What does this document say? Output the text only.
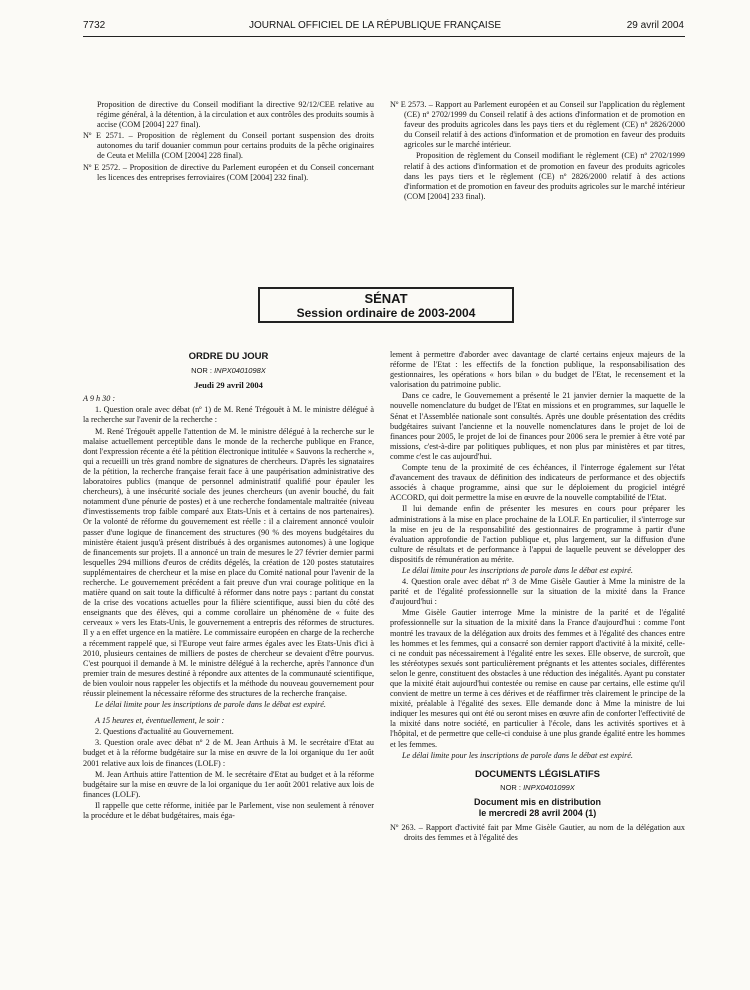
7732	JOURNAL OFFICIEL DE LA RÉPUBLIQUE FRANÇAISE	29 avril 2004

Proposition de directive du Conseil modifiant la directive 92/12/CEE relative au régime général, à la détention, à la circulation et aux contrôles des produits soumis à accise (COM [2004] 227 final).

Nº E 2571. – Proposition de règlement du Conseil portant suspension des droits autonomes du tarif douanier commun pour certains produits de la pêche originaires de Ceuta et Melilla (COM [2004] 228 final).

Nº E 2572. – Proposition de directive du Parlement européen et du Conseil concernant les licences des entreprises ferroviaires (COM [2004] 232 final).

Nº E 2573. – Rapport au Parlement européen et au Conseil sur l'application du règlement (CE) nº 2702/1999 du Conseil relatif à des actions d'information et de promotion en faveur des produits agricoles dans les pays tiers et du règlement (CE) nº 2826/2000 du Conseil relatif à des actions d'information et de promotion en faveur des produits agricoles sur le marché intérieur.

Proposition de règlement du Conseil modifiant le règlement (CE) nº 2702/1999 relatif à des actions d'information et de promotion en faveur des produits agricoles dans les pays tiers et le règlement (CE) nº 2826/2000 relatif à des actions d'information et de promotion en faveur des produits agricoles sur le marché intérieur (COM [2004] 233 final).

SÉNAT
Session ordinaire de 2003-2004
ORDRE DU JOUR
NOR : INPX0401098X
Jeudi 29 avril 2004

A 9 h 30 :

1. Question orale avec débat (nº 1) de M. René Trégouët à M. le ministre délégué à la recherche sur l'avenir de la recherche :

M. René Trégouët appelle l'attention de M. le ministre délégué à la recherche sur le malaise actuellement perceptible dans le monde de la recherche publique en France, dont l'expression récente a été la pétition électronique intitulée « Sauvons la recherche », qui a recueilli un très grand nombre de signatures de chercheurs. D'après les signataires de la pétition, la recherche française ferait face à une paupérisation administrative des laboratoires publics (manque de personnel administratif qualifié pour épauler les chercheurs), à une insécurité sociale des jeunes chercheurs (un avenir bouché, du fait notamment d'une pénurie de postes) et à une recherche fondamentale maltraitée (niveau d'investissements trop faible comparé aux Etats-Unis et à certains de nos partenaires). Or la volonté de réforme du gouvernement est réelle : il a clairement annoncé vouloir passer d'une logique de financement des structures (90 % des moyens budgétaires du ministère étaient jusqu'à présent distribués à des organismes autonomes) à une logique de financements sur projets. Il a annoncé un train de mesures le 27 février dernier parmi lesquelles 294 millions d'euros de crédits dégelés, la création de 120 postes statutaires supplémentaires de chercheur et la mise en place du Comité national pour l'avenir de la recherche. Le gouvernement précédent a fait preuve d'un vrai courage politique en la matière quand on sait toute la difficulté à réformer dans notre pays : partant du constat de la crise des vocations actuelles pour la filière scientifique, aussi bien du côté des enseignants que des élèves, qui a comme corollaire un phénomène de « fuite des cerveaux » vers les Etats-Unis, le gouvernement a entrepris des réformes de structures. Il y a en effet urgence en la matière. Le commissaire européen en charge de la recherche a récemment rappelé que, si l'Europe veut faire armes égales avec les Etats-Unis d'ici à 2010, plusieurs centaines de milliers de postes de chercheur se devaient d'être pourvus. C'est pourquoi il demande à M. le ministre délégué à la recherche, après l'annonce d'un premier train de mesures destiné à répondre aux attentes de la communauté scientifique, de bien vouloir nous rappeler les objectifs et la méthode du nouveau gouvernement pour réussir pleinement la nécessaire réforme des structures de la recherche française.

Le délai limite pour les inscriptions de parole dans le débat est expiré.

A 15 heures et, éventuellement, le soir :

2. Questions d'actualité au Gouvernement.

3. Question orale avec débat nº 2 de M. Jean Arthuis à M. le secrétaire d'Etat au budget et à la réforme budgétaire sur la mise en œuvre de la loi organique du 1er août 2001 relative aux lois de finances (LOLF) :

M. Jean Arthuis attire l'attention de M. le secrétaire d'Etat au budget et à la réforme budgétaire sur la mise en œuvre de la loi organique du 1er août 2001 relative aux lois de finances (LOLF).

Il rappelle que cette réforme, initiée par le Parlement, vise non seulement à rénover la procédure et le débat budgétaires, mais éga-

lement à permettre d'aborder avec davantage de clarté certains enjeux majeurs de la réforme de l'Etat : les effectifs de la fonction publique, la responsabilisation des gestionnaires, les opérations « hors bilan » du budget de l'Etat, le recensement et la valorisation du patrimoine public.

Dans ce cadre, le Gouvernement a présenté le 21 janvier dernier la maquette de la nouvelle nomenclature du budget de l'Etat en missions et en programmes, sur laquelle le Sénat et l'Assemblée nationale sont consultés. Après une double présentation des crédits budgétaires suivant l'ancienne et la nouvelle nomenclatures dans le projet de loi de finances pour 2005, le projet de loi de finances pour 2006 sera le premier à être voté par missions, c'est-à-dire par politiques publiques, et non plus par ministères et par titres, comme c'est le cas aujourd'hui.

Compte tenu de la proximité de ces échéances, il l'interroge également sur l'état d'avancement des travaux de définition des indicateurs de performance et des objectifs associés à chaque programme, ainsi que sur le déploiement du progiciel intégré ACCORD, qui doit permettre la mise en œuvre de la nouvelle comptabilité de l'Etat.

Il lui demande enfin de présenter les mesures en cours pour préparer les administrations à la mise en place prochaine de la LOLF. En particulier, il s'interroge sur la mise en jeu de la responsabilité des gestionnaires de programme à partir d'une évaluation approfondie de l'action publique et, plus largement, sur la diffusion d'une culture de résultats et de performance à l'appui de laquelle peuvent se développer des dispositifs de rémunération au mérite.

Le délai limite pour les inscriptions de parole dans le débat est expiré.

4. Question orale avec débat nº 3 de Mme Gisèle Gautier à Mme la ministre de la parité et de l'égalité professionnelle sur la situation de la mixité dans la France d'aujourd'hui :

Mme Gisèle Gautier interroge Mme la ministre de la parité et de l'égalité professionnelle sur la situation de la mixité dans la France d'aujourd'hui : comme l'ont montré les travaux de la délégation aux droits des femmes et à l'égalité des chances entre les hommes et les femmes, qui a consacré son dernier rapport d'activité à la mixité, celle-ci ne conduit pas nécessairement à l'égalité entre les sexes. Elle observe, de surcroît, que les stéréotypes sexués sont particulièrement prégnants et les attentes sociales, différentes selon le genre, constituent des obstacles à une réduction des inégalités. Ayant pu constater que la mixité était aujourd'hui contestée ou remise en cause par certains, elle estime qu'il convient de mettre un terme à ces dérives et de réaffirmer très clairement le principe de la mixité, préalable à l'égalité des sexes. Elle demande donc à Mme la ministre de lui indiquer les mesures qui ont été ou seront mises en œuvre afin de conforter l'effectivité de la mixité dans notre société, en particulier à l'école, dans les activités sportives et à l'hôpital, et de permettre que celle-ci conduise à une plus grande égalité entre les hommes et les femmes.

Le délai limite pour les inscriptions de parole dans le débat est expiré.

DOCUMENTS LÉGISLATIFS
NOR : INPX0401099X
Document mis en distribution
le mercredi 28 avril 2004 (1)

Nº 263. – Rapport d'activité fait par Mme Gisèle Gautier, au nom de la délégation aux droits des femmes et à l'égalité des
